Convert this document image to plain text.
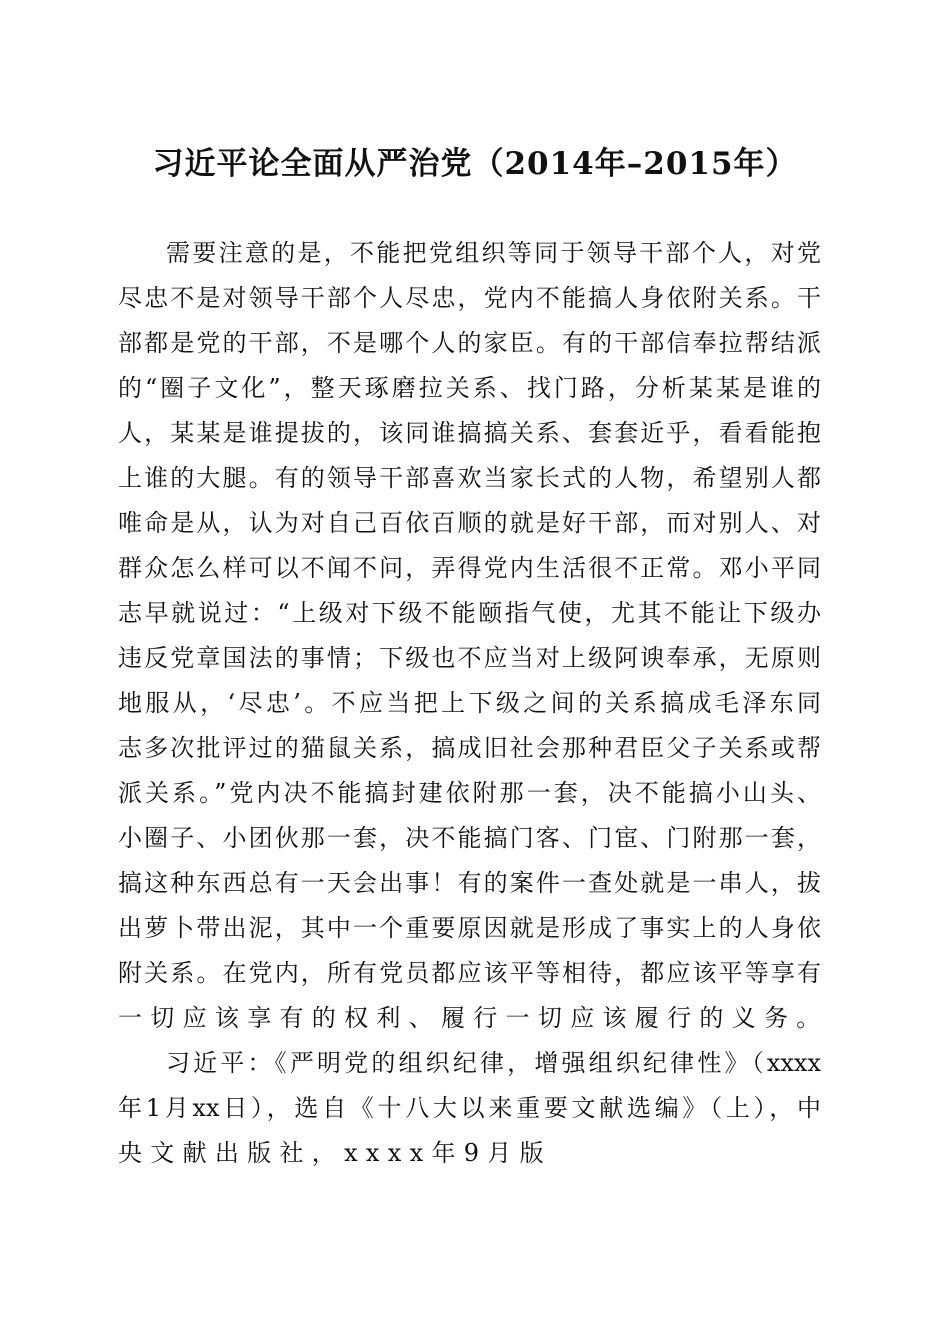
习近平论全面从严治党（2014年–2015年）
需要注意的是，不能把党组织等同于领导干部个人，对党
尽忠不是对领导干部个人尽忠，党内不能搞人身依附关系。干
部都是党的干部，不是哪个人的家臣。有的干部信奉拉帮结派
的“圈子文化”，整天琢磨拉关系、找门路，分析某某是谁的
人，某某是谁提拔的，该同谁搞搞关系、套套近乎，看看能抱
上谁的大腿。有的领导干部喜欢当家长式的人物，希望别人都
唯命是从，认为对自己百依百顺的就是好干部，而对别人、对
群众怎么样可以不闻不问，弄得党内生活很不正常。邓小平同
志早就说过：“上级对下级不能颐指气使，尤其不能让下级办
违反党章国法的事情；下级也不应当对上级阿谀奉承，无原则
地服从，‘尽忠’。不应当把上下级之间的关系搞成毛泽东同
志多次批评过的猫鼠关系，搞成旧社会那种君臣父子关系或帮
派关系。”党内决不能搞封建依附那一套，决不能搞小山头、
小圈子、小团伙那一套，决不能搞门客、门宦、门附那一套，
搞这种东西总有一天会出事！有的案件一查处就是一串人，拔
出萝卜带出泥，其中一个重要原因就是形成了事实上的人身依
附关系。在党内，所有党员都应该平等相待，都应该平等享有
一切应该享有的权利、履行一切应该履行的义务。
习近平：《严明党的组织纪律，增强组织纪律性》（xxxx
年1月xx日），选自《十八大以来重要文献选编》（上），中
央文献出版社，xxxx年9月版
